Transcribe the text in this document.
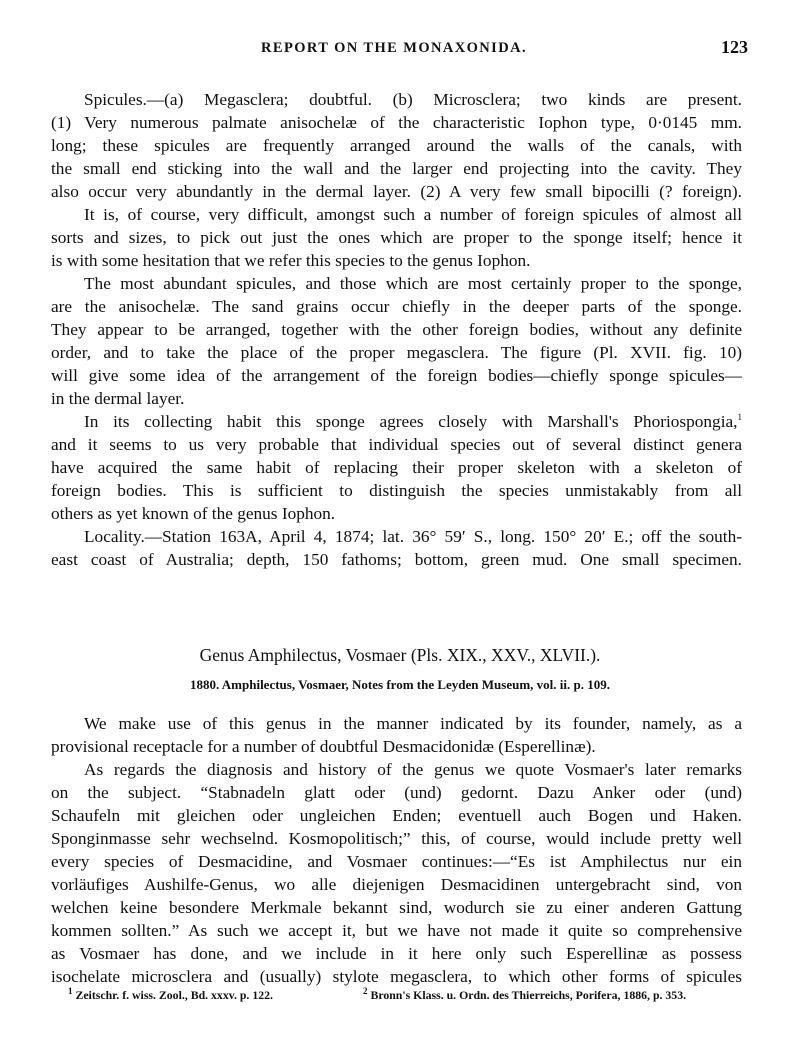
REPORT ON THE MONAXONIDA.	123
Spicules.—(a) Megasclera; doubtful. (b) Microsclera; two kinds are present.
(1) Very numerous palmate anisochelæ of the characteristic Iophon type, 0·0145 mm.
long; these spicules are frequently arranged around the walls of the canals, with
the small end sticking into the wall and the larger end projecting into the cavity. They
also occur very abundantly in the dermal layer. (2) A very few small bipocilli (? foreign).
It is, of course, very difficult, amongst such a number of foreign spicules of almost all
sorts and sizes, to pick out just the ones which are proper to the sponge itself; hence it
is with some hesitation that we refer this species to the genus Iophon.
The most abundant spicules, and those which are most certainly proper to the sponge,
are the anisochelæ. The sand grains occur chiefly in the deeper parts of the sponge.
They appear to be arranged, together with the other foreign bodies, without any definite
order, and to take the place of the proper megasclera. The figure (Pl. XVII. fig. 10)
will give some idea of the arrangement of the foreign bodies—chiefly sponge spicules—
in the dermal layer.
In its collecting habit this sponge agrees closely with Marshall's Phoriospongia,$^1$
and it seems to us very probable that individual species out of several distinct genera
have acquired the same habit of replacing their proper skeleton with a skeleton of
foreign bodies. This is sufficient to distinguish the species unmistakably from all
others as yet known of the genus Iophon.
Locality.—Station 163A, April 4, 1874; lat. 36° 59′ S., long. 150° 20′ E.; off the south-
east coast of Australia; depth, 150 fathoms; bottom, green mud. One small specimen.
Genus Amphilectus, Vosmaer (Pls. XIX., XXV., XLVII.).
1880. Amphilectus, Vosmaer, Notes from the Leyden Museum, vol. ii. p. 109.
We make use of this genus in the manner indicated by its founder, namely, as a
provisional receptacle for a number of doubtful Desmacidonidæ (Esperellinæ).
As regards the diagnosis and history of the genus we quote Vosmaer's later remarks
on the subject. “Stabnadeln glatt oder (und) gedornt. Dazu Anker oder (und)
Schaufeln mit gleichen oder ungleichen Enden; eventuell auch Bogen und Haken.
Sponginmasse sehr wechselnd. Kosmopolitisch;” this, of course, would include pretty well
every species of Desmacidine, and Vosmaer continues:—“Es ist Amphilectus nur ein
vorläufiges Aushilfe-Genus, wo alle diejenigen Desmacidinen untergebracht sind, von
welchen keine besondere Merkmale bekannt sind, wodurch sie zu einer anderen Gattung
kommen sollten.” As such we accept it, but we have not made it quite so comprehensive
as Vosmaer has done, and we include in it here only such Esperellinæ as possess
isochelate microsclera and (usually) stylote megasclera, to which other forms of spicules
$^1$ Zeitschr. f. wiss. Zool., Bd. xxxv. p. 122.	$^2$ Bronn's Klass. u. Ordn. des Thierreichs, Porifera, 1886, p. 353.
